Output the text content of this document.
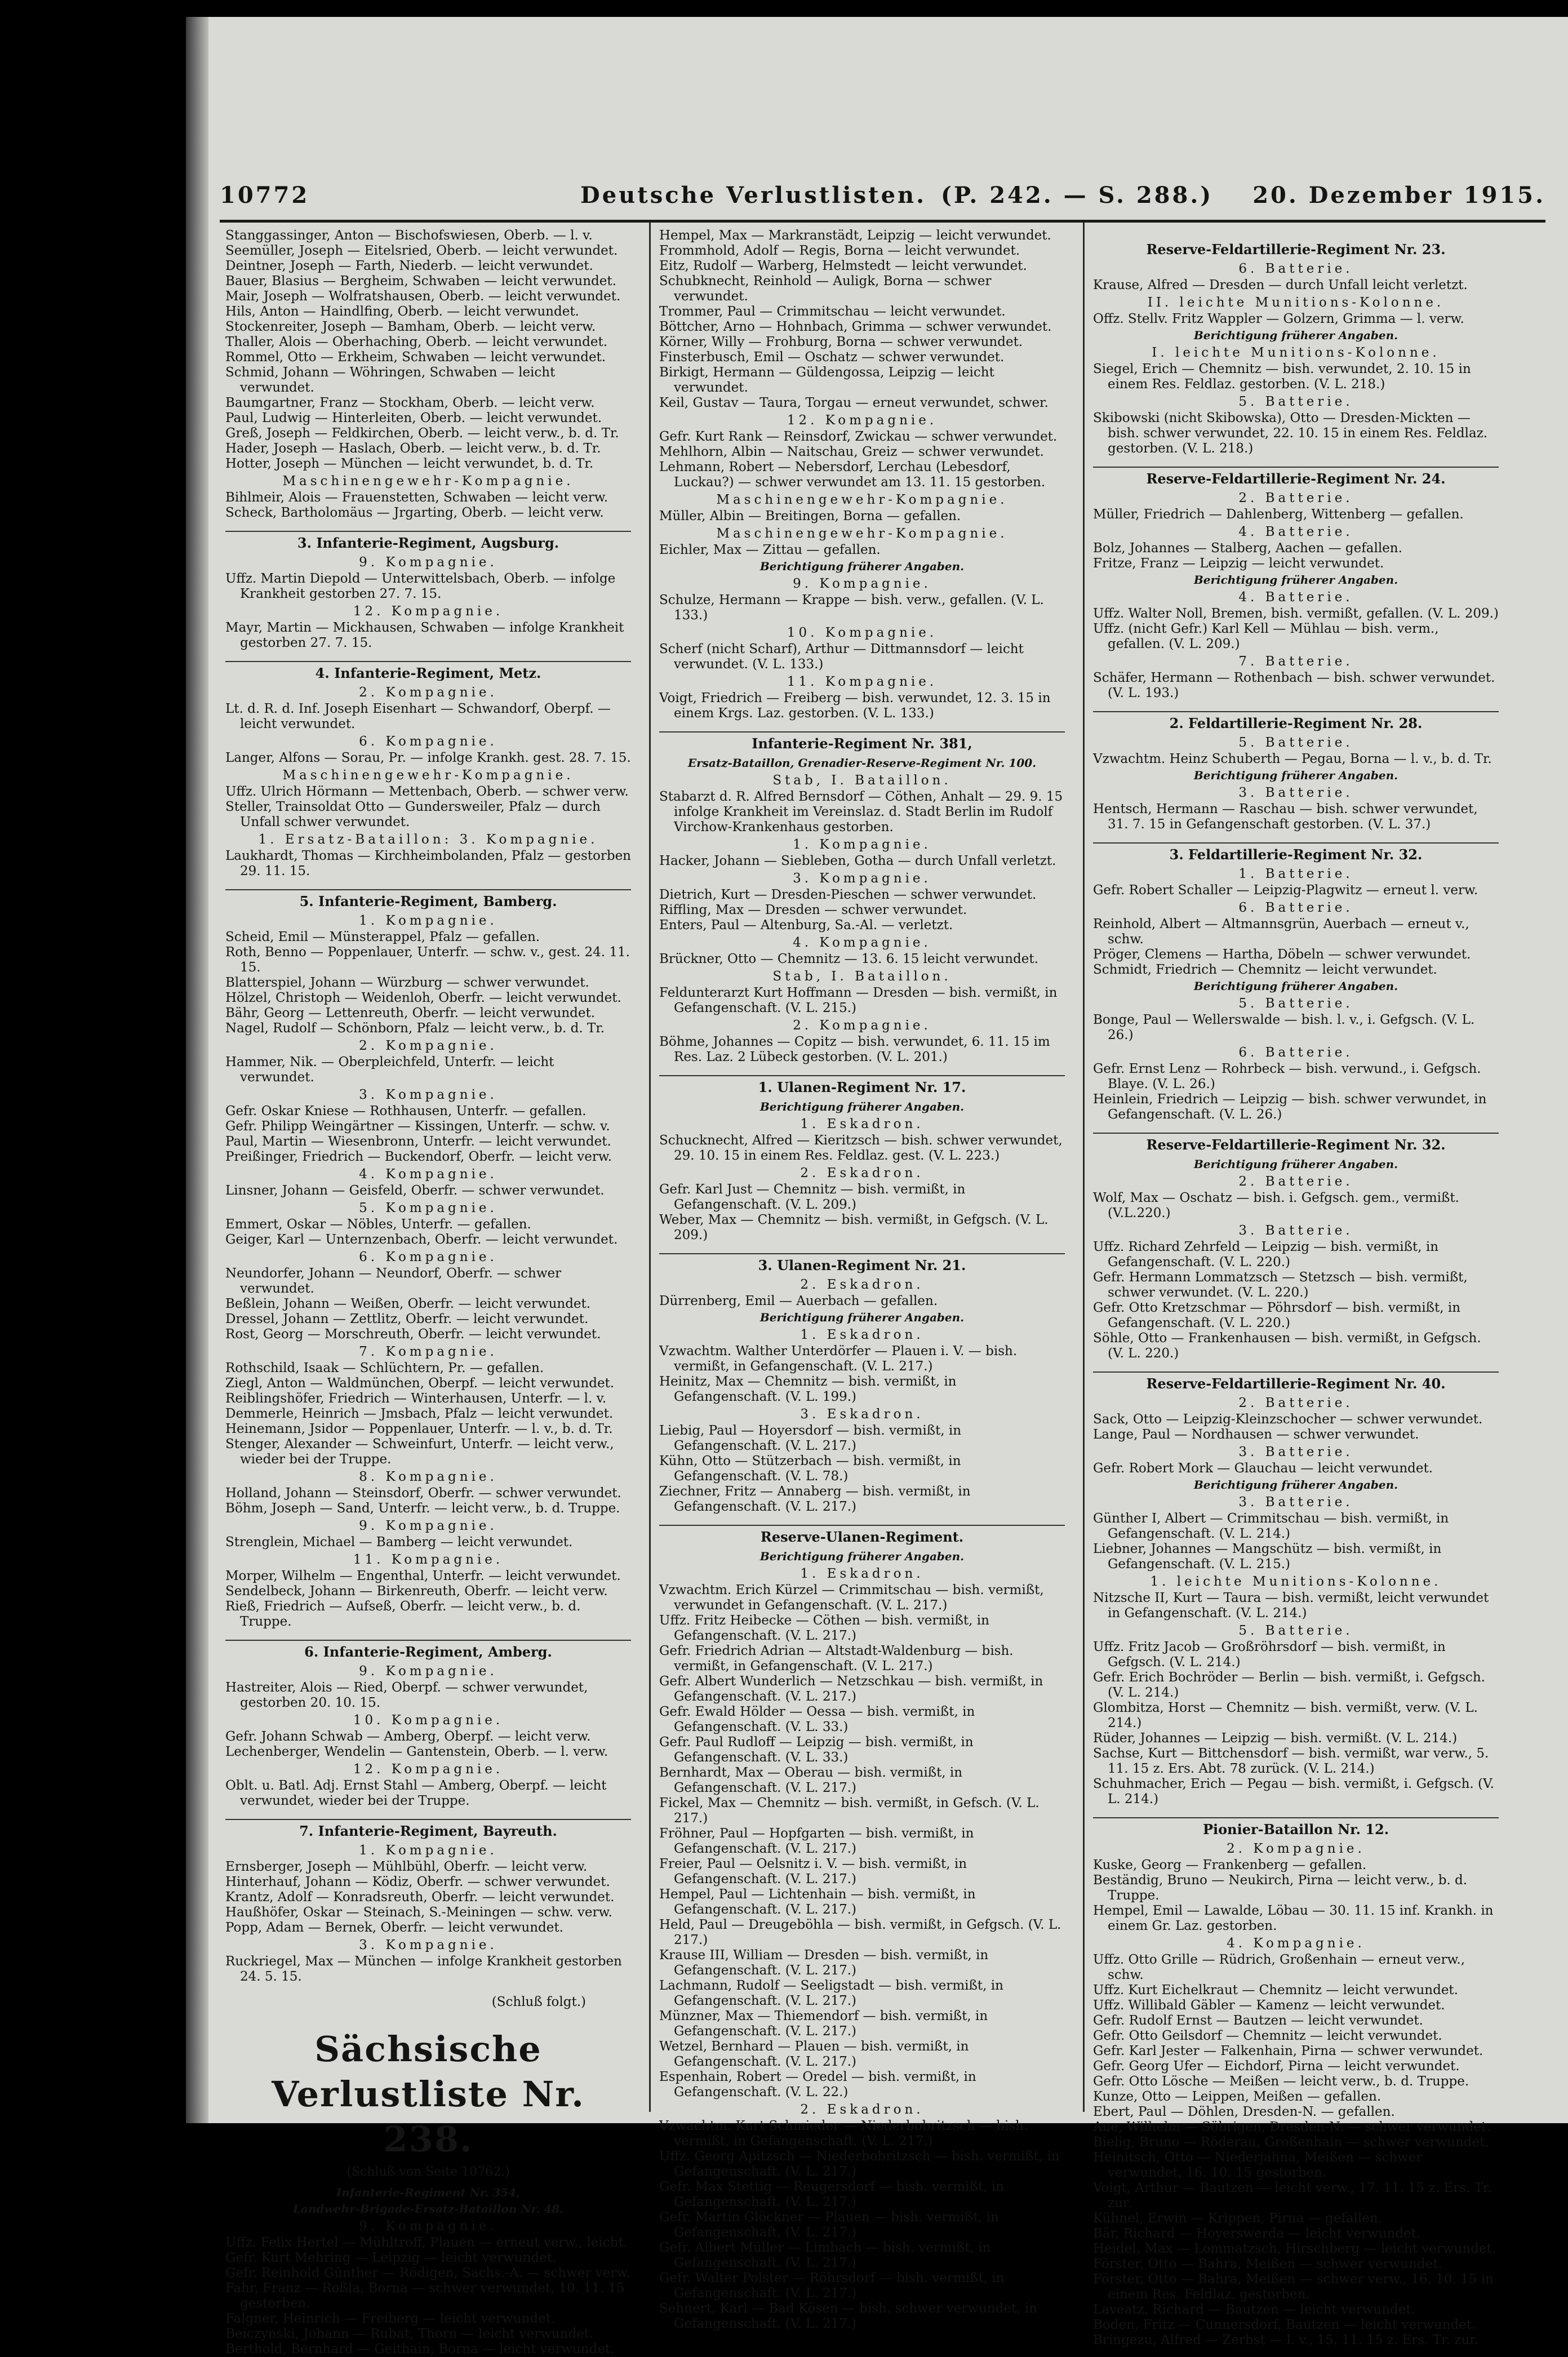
10772	Deutsche Verlustlisten. (P. 242. — S. 288.) 20. Dezember 1915.

Stanggassinger, Anton — Bischofswiesen, Oberb. — l. v.

Seemüller, Joseph — Eitelsried, Oberb. — leicht verwundet.

Deintner, Joseph — Farth, Niederb. — leicht verwundet.

Bauer, Blasius — Bergheim, Schwaben — leicht verwundet.

Mair, Joseph — Wolfratshausen, Oberb. — leicht verwundet.

Hils, Anton — Haindlfing, Oberb. — leicht verwundet.

Stockenreiter, Joseph — Bamham, Oberb. — leicht verw.

Thaller, Alois — Oberhaching, Oberb. — leicht verwundet.

Rommel, Otto — Erkheim, Schwaben — leicht verwundet.

Schmid, Johann — Wöhringen, Schwaben — leicht verwundet.

Baumgartner, Franz — Stockham, Oberb. — leicht verw.

Paul, Ludwig — Hinterleiten, Oberb. — leicht verwundet.

Greß, Joseph — Feldkirchen, Oberb. — leicht verw., b. d. Tr.

Hader, Joseph — Haslach, Oberb. — leicht verw., b. d. Tr.

Hotter, Joseph — München — leicht verwundet, b. d. Tr.

Maschinengewehr-Kompagnie.

Bihlmeir, Alois — Frauenstetten, Schwaben — leicht verw.

Scheck, Bartholomäus — Jrgarting, Oberb. — leicht verw.

3. Infanterie-Regiment, Augsburg.
9. Kompagnie.

Uffz. Martin Diepold — Unterwittelsbach, Oberb. — infolge Krankheit gestorben 27. 7. 15.

12. Kompagnie.

Mayr, Martin — Mickhausen, Schwaben — infolge Krankheit gestorben 27. 7. 15.

4. Infanterie-Regiment, Metz.
2. Kompagnie.

Lt. d. R. d. Inf. Joseph Eisenhart — Schwandorf, Oberpf. — leicht verwundet.

6. Kompagnie.

Langer, Alfons — Sorau, Pr. — infolge Krankh. gest. 28. 7. 15.

Maschinengewehr-Kompagnie.

Uffz. Ulrich Hörmann — Mettenbach, Oberb. — schwer verw.

Steller, Trainsoldat Otto — Gundersweiler, Pfalz — durch Unfall schwer verwundet.

1. Ersatz-Bataillon: 3. Kompagnie.

Laukhardt, Thomas — Kirchheimbolanden, Pfalz — gestorben 29. 11. 15.

5. Infanterie-Regiment, Bamberg.
1. Kompagnie.

Scheid, Emil — Münsterappel, Pfalz — gefallen.

Roth, Benno — Poppenlauer, Unterfr. — schw. v., gest. 24. 11. 15.

Blatterspiel, Johann — Würzburg — schwer verwundet.

Hölzel, Christoph — Weidenloh, Oberfr. — leicht verwundet.

Bähr, Georg — Lettenreuth, Oberfr. — leicht verwundet.

Nagel, Rudolf — Schönborn, Pfalz — leicht verw., b. d. Tr.

2. Kompagnie.

Hammer, Nik. — Oberpleichfeld, Unterfr. — leicht verwundet.

3. Kompagnie.

Gefr. Oskar Kniese — Rothhausen, Unterfr. — gefallen.

Gefr. Philipp Weingärtner — Kissingen, Unterfr. — schw. v.

Paul, Martin — Wiesenbronn, Unterfr. — leicht verwundet.

Preißinger, Friedrich — Buckendorf, Oberfr. — leicht verw.

4. Kompagnie.

Linsner, Johann — Geisfeld, Oberfr. — schwer verwundet.

5. Kompagnie.

Emmert, Oskar — Nöbles, Unterfr. — gefallen.

Geiger, Karl — Unternzenbach, Oberfr. — leicht verwundet.

6. Kompagnie.

Neundorfer, Johann — Neundorf, Oberfr. — schwer verwundet.

Beßlein, Johann — Weißen, Oberfr. — leicht verwundet.

Dressel, Johann — Zettlitz, Oberfr. — leicht verwundet.

Rost, Georg — Morschreuth, Oberfr. — leicht verwundet.

7. Kompagnie.

Rothschild, Isaak — Schlüchtern, Pr. — gefallen.

Ziegl, Anton — Waldmünchen, Oberpf. — leicht verwundet.

Reiblingshöfer, Friedrich — Winterhausen, Unterfr. — l. v.

Demmerle, Heinrich — Jmsbach, Pfalz — leicht verwundet.

Heinemann, Jsidor — Poppenlauer, Unterfr. — l. v., b. d. Tr.

Stenger, Alexander — Schweinfurt, Unterfr. — leicht verw., wieder bei der Truppe.

8. Kompagnie.

Holland, Johann — Steinsdorf, Oberfr. — schwer verwundet.

Böhm, Joseph — Sand, Unterfr. — leicht verw., b. d. Truppe.

9. Kompagnie.

Strenglein, Michael — Bamberg — leicht verwundet.

11. Kompagnie.

Morper, Wilhelm — Engenthal, Unterfr. — leicht verwundet.

Sendelbeck, Johann — Birkenreuth, Oberfr. — leicht verw.

Rieß, Friedrich — Aufseß, Oberfr. — leicht verw., b. d. Truppe.

6. Infanterie-Regiment, Amberg.
9. Kompagnie.

Hastreiter, Alois — Ried, Oberpf. — schwer verwundet, gestorben 20. 10. 15.

10. Kompagnie.

Gefr. Johann Schwab — Amberg, Oberpf. — leicht verw.

Lechenberger, Wendelin — Gantenstein, Oberb. — l. verw.

12. Kompagnie.

Oblt. u. Batl. Adj. Ernst Stahl — Amberg, Oberpf. — leicht verwundet, wieder bei der Truppe.

7. Infanterie-Regiment, Bayreuth.
1. Kompagnie.

Ernsberger, Joseph — Mühlbühl, Oberfr. — leicht verw.

Hinterhauf, Johann — Ködiz, Oberfr. — schwer verwundet.

Krantz, Adolf — Konradsreuth, Oberfr. — leicht verwundet.

Haußhöfer, Oskar — Steinach, S.-Meiningen — schw. verw.

Popp, Adam — Bernek, Oberfr. — leicht verwundet.

3. Kompagnie.

Ruckriegel, Max — München — infolge Krankheit gestorben 24. 5. 15.

(Schluß folgt.)
Sächsische Verlustliste Nr. 238.
(Schluß von Seite 10762.)
Infanterie-Regiment Nr. 354,
Landwehr-Brigade-Ersatz-Bataillon Nr. 48.
9. Kompagnie.

Uffz. Felix Hertel — Mühltroff, Plauen — erneut verw., leicht.

Gefr. Kurt Mehring — Leipzig — leicht verwundet.

Gefr. Reinhold Günther — Rödigen, Sachs.-A. — schwer verw.

Fahr, Franz — Roßla, Borna — schwer verwundet, 10. 11. 15 gestorben.

Falgner, Heinrich — Freiberg — leicht verwundet.

Beiczynski, Johann — Rubat, Thorn — leicht verwundet.

Berthold, Bernhard — Geithain, Borna — leicht verwundet.

Hempel, Max — Markranstädt, Leipzig — leicht verwundet.

Frommhold, Adolf — Regis, Borna — leicht verwundet.

Eitz, Rudolf — Warberg, Helmstedt — leicht verwundet.

Schubknecht, Reinhold — Auligk, Borna — schwer verwundet.

Trommer, Paul — Crimmitschau — leicht verwundet.

Böttcher, Arno — Hohnbach, Grimma — schwer verwundet.

Körner, Willy — Frohburg, Borna — schwer verwundet.

Finsterbusch, Emil — Oschatz — schwer verwundet.

Birkigt, Hermann — Güldengossa, Leipzig — leicht verwundet.

Keil, Gustav — Taura, Torgau — erneut verwundet, schwer.

12. Kompagnie.

Gefr. Kurt Rank — Reinsdorf, Zwickau — schwer verwundet.

Mehlhorn, Albin — Naitschau, Greiz — schwer verwundet.

Lehmann, Robert — Nebersdorf, Lerchau (Lebesdorf, Luckau?) — schwer verwundet am 13. 11. 15 gestorben.

Maschinengewehr-Kompagnie.

Müller, Albin — Breitingen, Borna — gefallen.

Maschinengewehr-Kompagnie.

Eichler, Max — Zittau — gefallen.

Berichtigung früherer Angaben.
9. Kompagnie.

Schulze, Hermann — Krappe — bish. verw., gefallen. (V. L. 133.)

10. Kompagnie.

Scherf (nicht Scharf), Arthur — Dittmannsdorf — leicht verwundet. (V. L. 133.)

11. Kompagnie.

Voigt, Friedrich — Freiberg — bish. verwundet, 12. 3. 15 in einem Krgs. Laz. gestorben. (V. L. 133.)

Infanterie-Regiment Nr. 381,
Ersatz-Bataillon, Grenadier-Reserve-Regiment Nr. 100.
Stab, I. Bataillon.

Stabarzt d. R. Alfred Bernsdorf — Cöthen, Anhalt — 29. 9. 15 infolge Krankheit im Vereinslaz. d. Stadt Berlin im Rudolf Virchow-Krankenhaus gestorben.

1. Kompagnie.

Hacker, Johann — Siebleben, Gotha — durch Unfall verletzt.

3. Kompagnie.

Dietrich, Kurt — Dresden-Pieschen — schwer verwundet.

Riffling, Max — Dresden — schwer verwundet.

Enters, Paul — Altenburg, Sa.-Al. — verletzt.

4. Kompagnie.

Brückner, Otto — Chemnitz — 13. 6. 15 leicht verwundet.

Stab, I. Bataillon.

Feldunterarzt Kurt Hoffmann — Dresden — bish. vermißt, in Gefangenschaft. (V. L. 215.)

2. Kompagnie.

Böhme, Johannes — Copitz — bish. verwundet, 6. 11. 15 im Res. Laz. 2 Lübeck gestorben. (V. L. 201.)

1. Ulanen-Regiment Nr. 17.
Berichtigung früherer Angaben.
1. Eskadron.

Schucknecht, Alfred — Kieritzsch — bish. schwer verwundet, 29. 10. 15 in einem Res. Feldlaz. gest. (V. L. 223.)

2. Eskadron.

Gefr. Karl Just — Chemnitz — bish. vermißt, in Gefangenschaft. (V. L. 209.)

Weber, Max — Chemnitz — bish. vermißt, in Gefgsch. (V. L. 209.)

3. Ulanen-Regiment Nr. 21.
2. Eskadron.

Dürrenberg, Emil — Auerbach — gefallen.

Berichtigung früherer Angaben.
1. Eskadron.

Vzwachtm. Walther Unterdörfer — Plauen i. V. — bish. vermißt, in Gefangenschaft. (V. L. 217.)

Heinitz, Max — Chemnitz — bish. vermißt, in Gefangenschaft. (V. L. 199.)

3. Eskadron.

Liebig, Paul — Hoyersdorf — bish. vermißt, in Gefangenschaft. (V. L. 217.)

Kühn, Otto — Stützerbach — bish. vermißt, in Gefangenschaft. (V. L. 78.)

Ziechner, Fritz — Annaberg — bish. vermißt, in Gefangenschaft. (V. L. 217.)

Reserve-Ulanen-Regiment.
Berichtigung früherer Angaben.
1. Eskadron.

Vzwachtm. Erich Kürzel — Crimmitschau — bish. vermißt, verwundet in Gefangenschaft. (V. L. 217.)

Uffz. Fritz Heibecke — Cöthen — bish. vermißt, in Gefangenschaft. (V. L. 217.)

Gefr. Friedrich Adrian — Altstadt-Waldenburg — bish. vermißt, in Gefangenschaft. (V. L. 217.)

Gefr. Albert Wunderlich — Netzschkau — bish. vermißt, in Gefangenschaft. (V. L. 217.)

Gefr. Ewald Hölder — Oessa — bish. vermißt, in Gefangenschaft. (V. L. 33.)

Gefr. Paul Rudloff — Leipzig — bish. vermißt, in Gefangenschaft. (V. L. 33.)

Bernhardt, Max — Oberau — bish. vermißt, in Gefangenschaft. (V. L. 217.)

Fickel, Max — Chemnitz — bish. vermißt, in Gefsch. (V. L. 217.)

Fröhner, Paul — Hopfgarten — bish. vermißt, in Gefangenschaft. (V. L. 217.)

Freier, Paul — Oelsnitz i. V. — bish. vermißt, in Gefangenschaft. (V. L. 217.)

Hempel, Paul — Lichtenhain — bish. vermißt, in Gefangenschaft. (V. L. 217.)

Held, Paul — Dreugeböhla — bish. vermißt, in Gefgsch. (V. L. 217.)

Krause III, William — Dresden — bish. vermißt, in Gefangenschaft. (V. L. 217.)

Lachmann, Rudolf — Seeligstadt — bish. vermißt, in Gefangenschaft. (V. L. 217.)

Münzner, Max — Thiemendorf — bish. vermißt, in Gefangenschaft. (V. L. 217.)

Wetzel, Bernhard — Plauen — bish. vermißt, in Gefangenschaft. (V. L. 217.)

Espenhain, Robert — Oredel — bish. vermißt, in Gefangenschaft. (V. L. 22.)

2. Eskadron.

Vzwachtm. Kurt Schmieder — Niederbobritzsch — bish. vermißt, in Gefangenschaft. (V. L. 217.)

Uffz. Georg Apitzsch — Niederbobritzsch — bish. vermißt, in Gefangenschaft. (V. L. 217.)

Gefr. Max Stettig — Reugersdorf — bish. vermißt, in Gefangenschaft. (V. L. 217.)

Gefr. Martin Glöckner — Plauen — bish. vermißt, in Gefangenschaft. (V. L. 217.)

Gefr. Albert Müller — Limbach — bish. vermißt, in Gefangenschaft. (V. L. 217.)

Gefr. Walter Polster — Röhrsdorf — bish. vermißt, in Gefangenschaft. (V. L. 217.)

Sehnert, Karl — Bad Kösen — bish. schwer verwundet, in Gefangenschaft. (V. L. 217.)

Reserve-Feldartillerie-Regiment Nr. 23.
6. Batterie.

Krause, Alfred — Dresden — durch Unfall leicht verletzt.

II. leichte Munitions-Kolonne.

Offz. Stellv. Fritz Wappler — Golzern, Grimma — l. verw.

Berichtigung früherer Angaben.
I. leichte Munitions-Kolonne.

Siegel, Erich — Chemnitz — bish. verwundet, 2. 10. 15 in einem Res. Feldlaz. gestorben. (V. L. 218.)

5. Batterie.

Skibowski (nicht Skibowska), Otto — Dresden-Mickten — bish. schwer verwundet, 22. 10. 15 in einem Res. Feldlaz. gestorben. (V. L. 218.)

Reserve-Feldartillerie-Regiment Nr. 24.
2. Batterie.

Müller, Friedrich — Dahlenberg, Wittenberg — gefallen.

4. Batterie.

Bolz, Johannes — Stalberg, Aachen — gefallen.

Fritze, Franz — Leipzig — leicht verwundet.

Berichtigung früherer Angaben.
4. Batterie.

Uffz. Walter Noll, Bremen, bish. vermißt, gefallen. (V. L. 209.)

Uffz. (nicht Gefr.) Karl Kell — Mühlau — bish. verm., gefallen. (V. L. 209.)

7. Batterie.

Schäfer, Hermann — Rothenbach — bish. schwer verwundet. (V. L. 193.)

2. Feldartillerie-Regiment Nr. 28.
5. Batterie.

Vzwachtm. Heinz Schuberth — Pegau, Borna — l. v., b. d. Tr.

Berichtigung früherer Angaben.
3. Batterie.

Hentsch, Hermann — Raschau — bish. schwer verwundet, 31. 7. 15 in Gefangenschaft gestorben. (V. L. 37.)

3. Feldartillerie-Regiment Nr. 32.
1. Batterie.

Gefr. Robert Schaller — Leipzig-Plagwitz — erneut l. verw.

6. Batterie.

Reinhold, Albert — Altmannsgrün, Auerbach — erneut v., schw.

Pröger, Clemens — Hartha, Döbeln — schwer verwundet.

Schmidt, Friedrich — Chemnitz — leicht verwundet.

Berichtigung früherer Angaben.
5. Batterie.

Bonge, Paul — Wellerswalde — bish. l. v., i. Gefgsch. (V. L. 26.)

6. Batterie.

Gefr. Ernst Lenz — Rohrbeck — bish. verwund., i. Gefgsch. Blaye. (V. L. 26.)

Heinlein, Friedrich — Leipzig — bish. schwer verwundet, in Gefangenschaft. (V. L. 26.)

Reserve-Feldartillerie-Regiment Nr. 32.
Berichtigung früherer Angaben.
2. Batterie.

Wolf, Max — Oschatz — bish. i. Gefgsch. gem., vermißt. (V.L.220.)

3. Batterie.

Uffz. Richard Zehrfeld — Leipzig — bish. vermißt, in Gefangenschaft. (V. L. 220.)

Gefr. Hermann Lommatzsch — Stetzsch — bish. vermißt, schwer verwundet. (V. L. 220.)

Gefr. Otto Kretzschmar — Pöhrsdorf — bish. vermißt, in Gefangenschaft. (V. L. 220.)

Söhle, Otto — Frankenhausen — bish. vermißt, in Gefgsch. (V. L. 220.)

Reserve-Feldartillerie-Regiment Nr. 40.
2. Batterie.

Sack, Otto — Leipzig-Kleinzschocher — schwer verwundet.

Lange, Paul — Nordhausen — schwer verwundet.

3. Batterie.

Gefr. Robert Mork — Glauchau — leicht verwundet.

Berichtigung früherer Angaben.
3. Batterie.

Günther I, Albert — Crimmitschau — bish. vermißt, in Gefangenschaft. (V. L. 214.)

Liebner, Johannes — Mangschütz — bish. vermißt, in Gefangenschaft. (V. L. 215.)

1. leichte Munitions-Kolonne.

Nitzsche II, Kurt — Taura — bish. vermißt, leicht verwundet in Gefangenschaft. (V. L. 214.)

5. Batterie.

Uffz. Fritz Jacob — Großröhrsdorf — bish. vermißt, in Gefgsch. (V. L. 214.)

Gefr. Erich Bochröder — Berlin — bish. vermißt, i. Gefgsch. (V. L. 214.)

Glombitza, Horst — Chemnitz — bish. vermißt, verw. (V. L. 214.)

Rüder, Johannes — Leipzig — bish. vermißt. (V. L. 214.)

Sachse, Kurt — Bittchensdorf — bish. vermißt, war verw., 5. 11. 15 z. Ers. Abt. 78 zurück. (V. L. 214.)

Schuhmacher, Erich — Pegau — bish. vermißt, i. Gefgsch. (V. L. 214.)

Pionier-Bataillon Nr. 12.
2. Kompagnie.

Kuske, Georg — Frankenberg — gefallen.

Beständig, Bruno — Neukirch, Pirna — leicht verw., b. d. Truppe.

Hempel, Emil — Lawalde, Löbau — 30. 11. 15 inf. Krankh. in einem Gr. Laz. gestorben.

4. Kompagnie.

Uffz. Otto Grille — Rüdrich, Großenhain — erneut verw., schw.

Uffz. Kurt Eichelkraut — Chemnitz — leicht verwundet.

Uffz. Willibald Gäbler — Kamenz — leicht verwundet.

Gefr. Rudolf Ernst — Bautzen — leicht verwundet.

Gefr. Otto Geilsdorf — Chemnitz — leicht verwundet.

Gefr. Karl Jester — Falkenhain, Pirna — schwer verwundet.

Gefr. Georg Ufer — Eichdorf, Pirna — leicht verwundet.

Gefr. Otto Lösche — Meißen — leicht verw., b. d. Truppe.

Kunze, Otto — Leippen, Meißen — gefallen.

Ebert, Paul — Döhlen, Dresden-N. — gefallen.

Aue, Wilhelm — Söbrigen, Dresden-N. — schwer verwundet.

Bielig, Bruno — Röderau, Großenhain — schwer verwundet.

Heinitsch, Otto — Niederjahna, Meißen — schwer verwundet, 16. 10. 15 gestorben.

Voigt, Arthur — Bautzen — leicht verw., 17. 11. 15 z. Ers. Tr. zur.

Kühnel, Erwin — Krippen, Pirna — gefallen.

Bär, Richard — Hoyerswerda — leicht verwundet.

Heidel, Max — Lommatzsch, Hirschberg — leicht verwundet.

Förster, Otto — Bahra, Meißen — schwer verwundet.

Förster, Otto — Bahra, Meißen — schwer verw., 16. 10. 15 in einem Res. Feldlaz. gestorben.

Laveatz, Richard — Bautzen — leicht verwundet.

Boden, Fritz — Cunnersdorf, Bautzen — leicht verwundet.

Bringezu, Alfred — Zerbst — l. v., 15. 11. 15 z. Ers. Tr. zur.
